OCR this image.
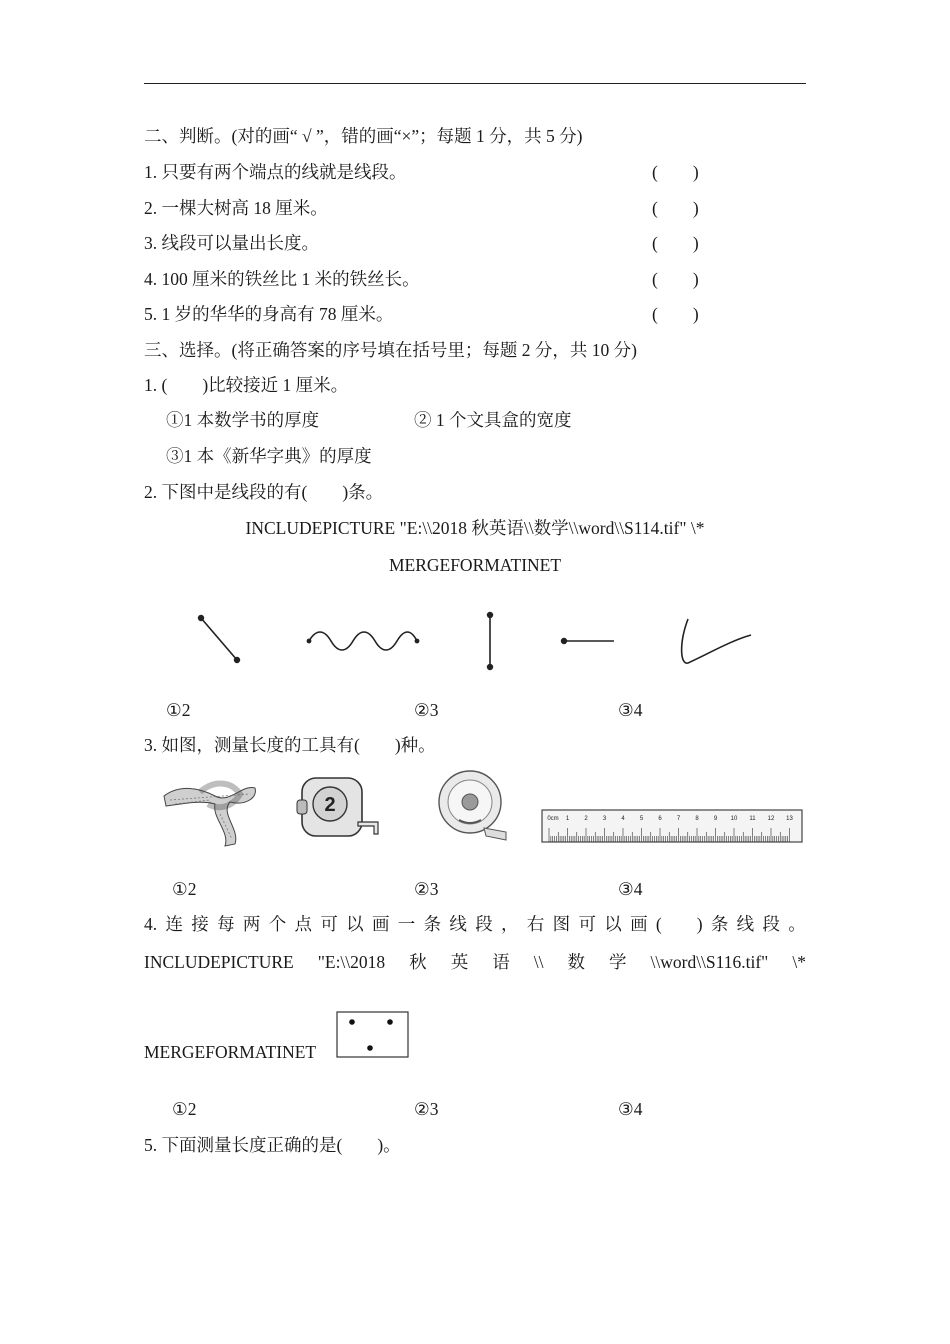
二、判断。(对的画“ √ ”，错的画“×”；每题 1 分，共 5 分)
1. 只要有两个端点的线就是线段。	(　　)
2. 一棵大树高 18 厘米。	(　　)
3. 线段可以量出长度。	(　　)
4. 100 厘米的铁丝比 1 米的铁丝长。	(　　)
5. 1 岁的华华的身高有 78 厘米。	(　　)
三、选择。(将正确答案的序号填在括号里；每题 2 分，共 10 分)
1. (　　)比较接近 1 厘米。
①1 本数学书的厚度	② 1 个文具盒的宽度
③1 本《新华字典》的厚度
2. 下图中是线段的有(　　)条。
INCLUDEPICTURE "E:\\2018 秋英语\\数学\\word\\S114.tif" \*
MERGEFORMATINET
①2	②3	③4
3. 如图，测量长度的工具有(　　)种。
2
0cm 1	2	3	4	5	6	7	8	9 10 11 12 13
①2	②3	③4
4. 连 接 每 两 个 点 可 以 画 一 条 线 段 ， 右 图 可 以 画 (　　) 条 线 段 。
INCLUDEPICTURE "E:\\2018 秋 英 语 \\ 数 学 \\word\\S116.tif" \*
MERGEFORMATINET
①2	②3	③4
5. 下面测量长度正确的是(　　)。
